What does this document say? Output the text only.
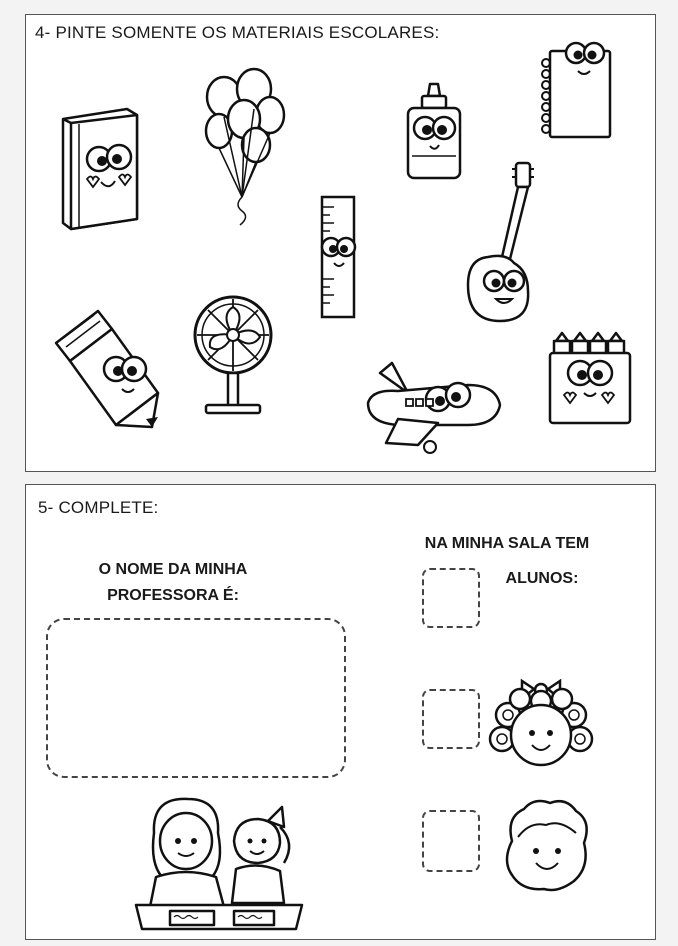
4- PINTE SOMENTE OS MATERIAIS ESCOLARES:
5- COMPLETE:
O NOME DA MINHA
PROFESSORA É:
NA MINHA SALA TEM
ALUNOS:
